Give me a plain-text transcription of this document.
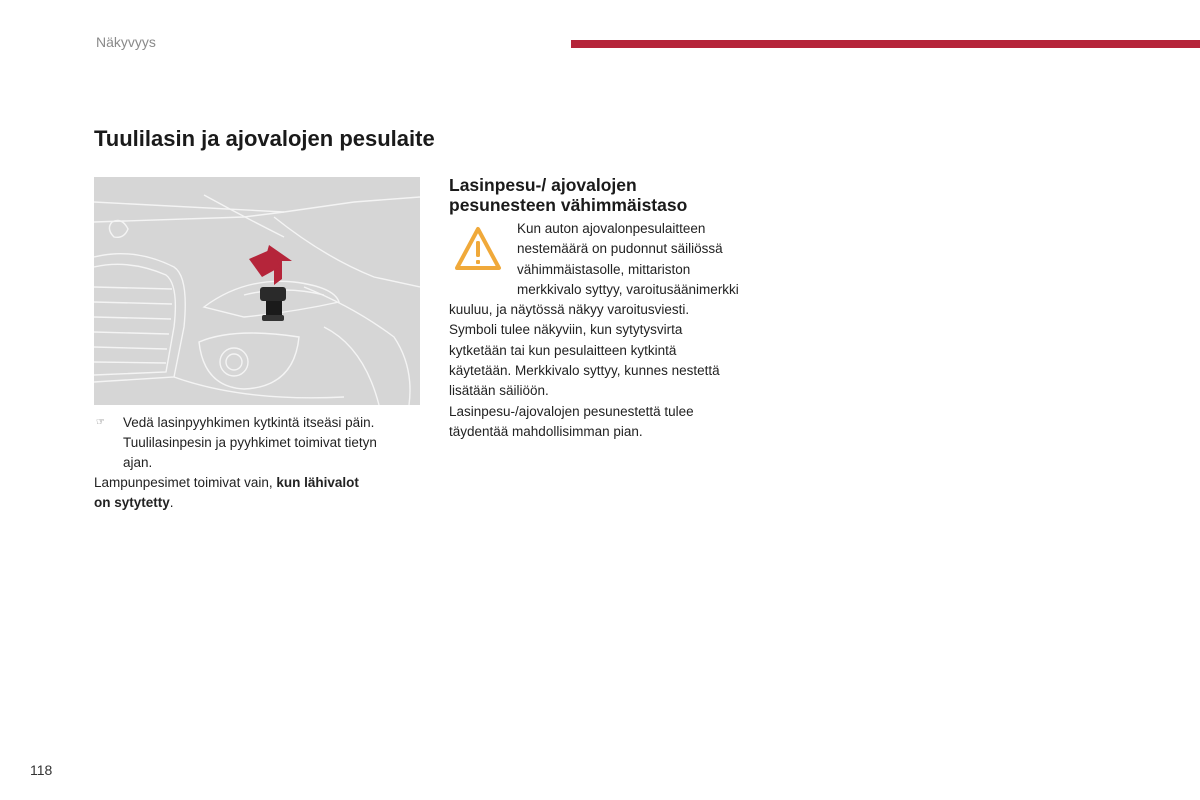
Näkyvyys
Tuulilasin ja ajovalojen pesulaite

☞ Vedä lasinpyyhkimen kytkintä itseäsi päin.
Tuulilasinpesin ja pyyhkimet toimivat tietyn
ajan.

Lampunpesimet toimivat vain, kun lähivalot
on sytytetty.

Lasinpesu-/ ajovalojen
pesunesteen vähimmäistaso

Kun auton ajovalonpesulaitteen

nestemäärä on pudonnut säiliössä

vähimmäistasolle, mittariston

merkkivalo syttyy, varoitusäänimerkki

kuuluu, ja näytössä näkyy varoitusviesti.

Symboli tulee näkyviin, kun sytytysvirta

kytketään tai kun pesulaitteen kytkintä

käytetään. Merkkivalo syttyy, kunnes nestettä

lisätään säiliöön.

Lasinpesu-/ajovalojen pesunestettä tulee

täydentää mahdollisimman pian.

118
